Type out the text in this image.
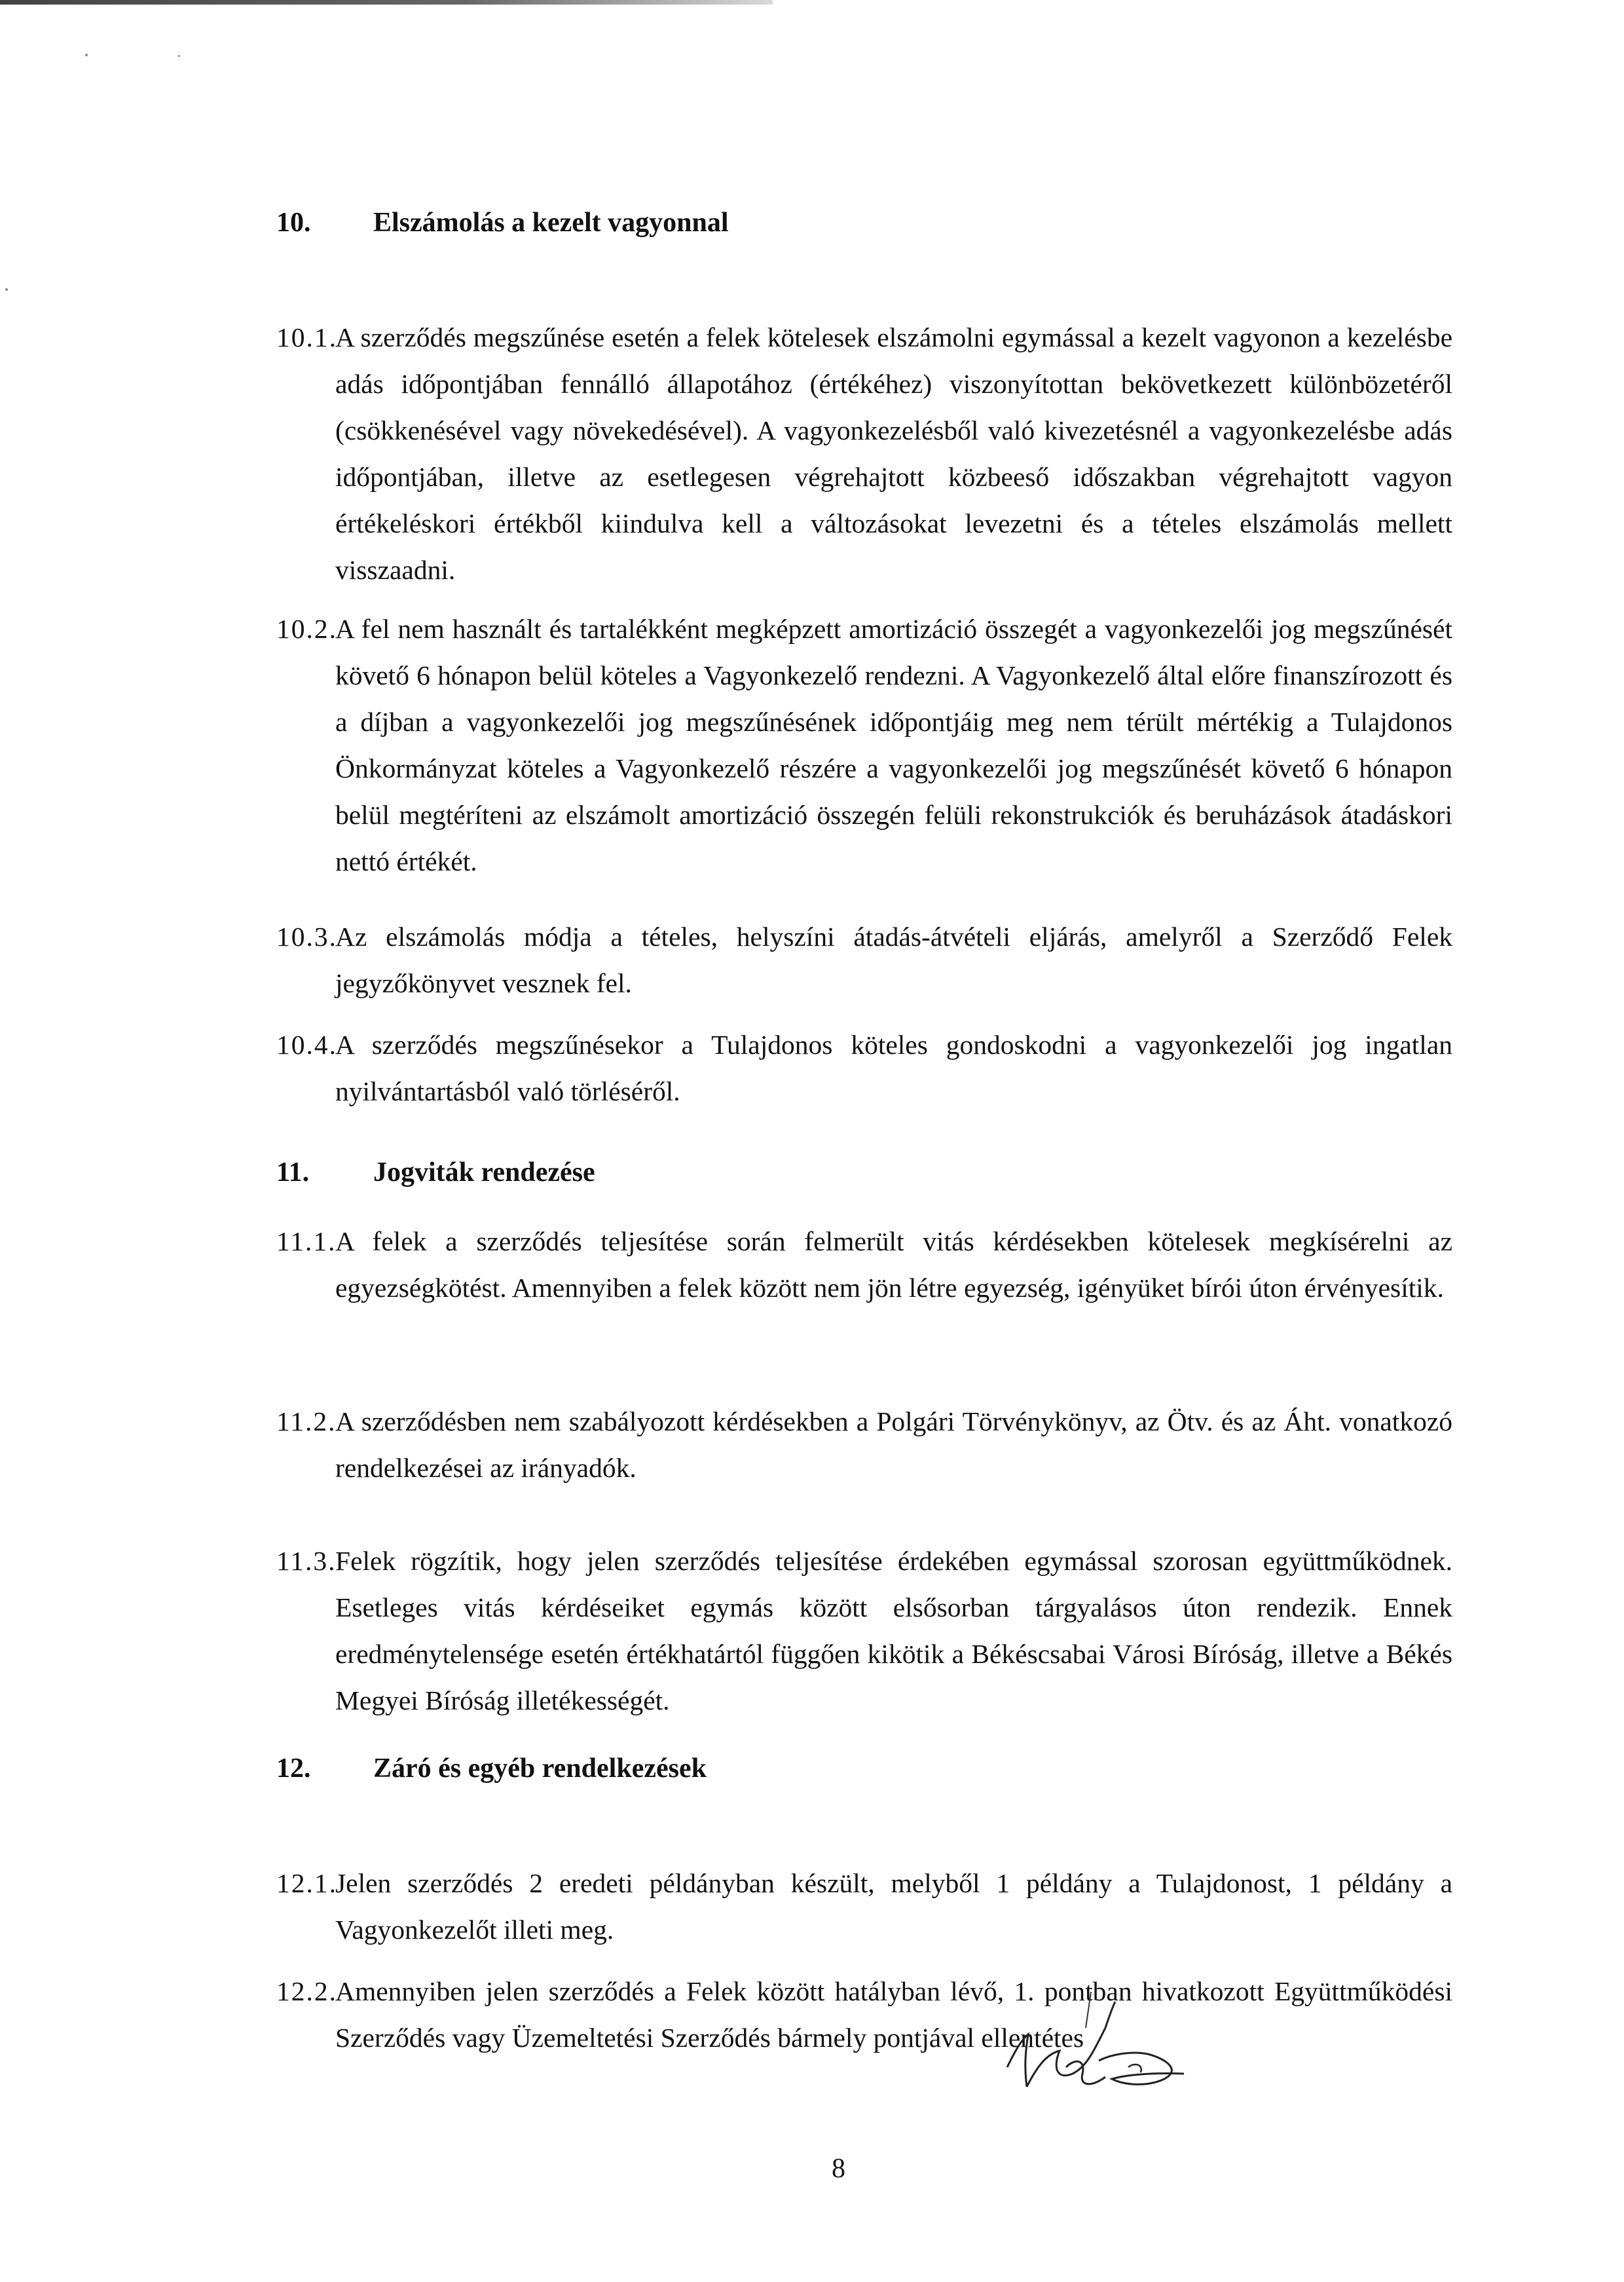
10. Elszámolás a kezelt vagyonnal
10.1.
A szerződés megszűnése esetén a felek kötelesek elszámolni egymással a kezelt vagyonon a kezelésbe adás időpontjában fennálló állapotához (értékéhez) viszonyítottan bekövetkezett különbözetéről (csökkenésével vagy növekedésével). A vagyonkezelésből való kivezetésnél a vagyonkezelésbe adás időpontjában, illetve az esetlegesen végrehajtott közbeeső időszakban végrehajtott vagyon értékeléskori értékből kiindulva kell a változásokat levezetni és a tételes elszámolás mellett visszaadni.
10.2.
A fel nem használt és tartalékként megképzett amortizáció összegét a vagyonkezelői jog megszűnését követő 6 hónapon belül köteles a Vagyonkezelő rendezni. A Vagyonkezelő által előre finanszírozott és a díjban a vagyonkezelői jog megszűnésének időpontjáig meg nem térült mértékig a Tulajdonos Önkormányzat köteles a Vagyonkezelő részére a vagyonkezelői jog megszűnését követő 6 hónapon belül megtéríteni az elszámolt amortizáció összegén felüli rekonstrukciók és beruházások átadáskori nettó értékét.
10.3.
Az elszámolás módja a tételes, helyszíni átadás-átvételi eljárás, amelyről a Szerződő Felek jegyzőkönyvet vesznek fel.
10.4.
A szerződés megszűnésekor a Tulajdonos köteles gondoskodni a vagyonkezelői jog ingatlan nyilvántartásból való törléséről.
11. Jogviták rendezése
11.1.
A felek a szerződés teljesítése során felmerült vitás kérdésekben kötelesek megkísérelni az egyezségkötést. Amennyiben a felek között nem jön létre egyezség, igényüket bírói úton érvényesítik.
11.2.
A szerződésben nem szabályozott kérdésekben a Polgári Törvénykönyv, az Ötv. és az Áht. vonatkozó rendelkezései az irányadók.
11.3.
Felek rögzítik, hogy jelen szerződés teljesítése érdekében egymással szorosan együttműködnek. Esetleges vitás kérdéseiket egymás között elsősorban tárgyalásos úton rendezik. Ennek eredménytelensége esetén értékhatártól függően kikötik a Békéscsabai Városi Bíróság, illetve a Békés Megyei Bíróság illetékességét.
12. Záró és egyéb rendelkezések
12.1.
Jelen szerződés 2 eredeti példányban készült, melyből 1 példány a Tulajdonost, 1 példány a Vagyonkezelőt illeti meg.
12.2.
Amennyiben jelen szerződés a Felek között hatályban lévő, 1. pontban hivatkozott Együttműködési Szerződés vagy Üzemeltetési Szerződés bármely pontjával ellentétes
8
